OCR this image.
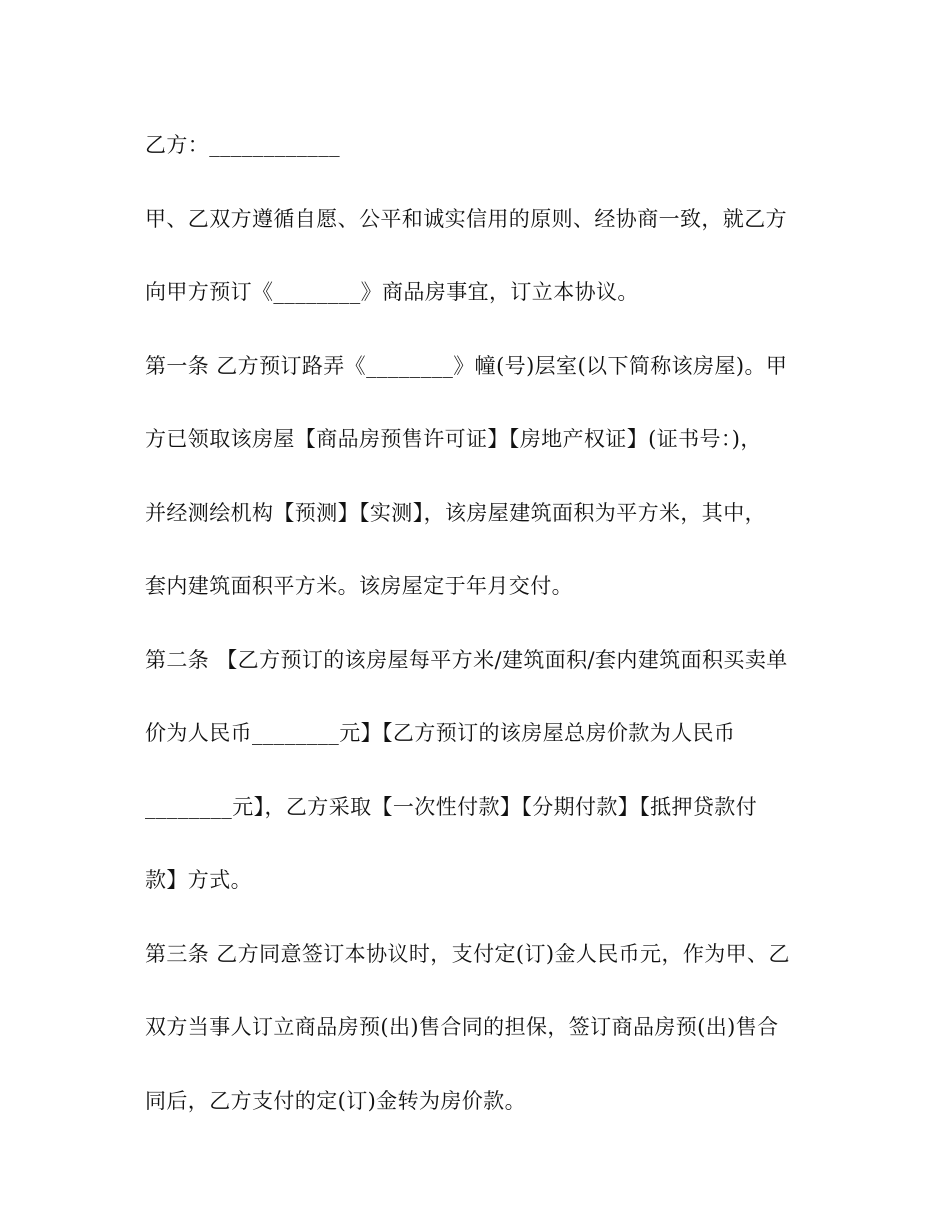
乙方：____________
甲、乙双方遵循自愿、公平和诚实信用的原则、经协商一致，就乙方
向甲方预订《________》商品房事宜，订立本协议。
第一条 乙方预订路弄《________》幢(号)层室(以下简称该房屋)。甲
方已领取该房屋【商品房预售许可证】【房地产权证】(证书号：)，
并经测绘机构【预测】【实测】，该房屋建筑面积为平方米，其中，
套内建筑面积平方米。该房屋定于年月交付。
第二条 【乙方预订的该房屋每平方米/建筑面积/套内建筑面积买卖单
价为人民币________元】【乙方预订的该房屋总房价款为人民币
________元】，乙方采取【一次性付款】【分期付款】【抵押贷款付
款】方式。
第三条 乙方同意签订本协议时，支付定(订)金人民币元，作为甲、乙
双方当事人订立商品房预(出)售合同的担保，签订商品房预(出)售合
同后，乙方支付的定(订)金转为房价款。
